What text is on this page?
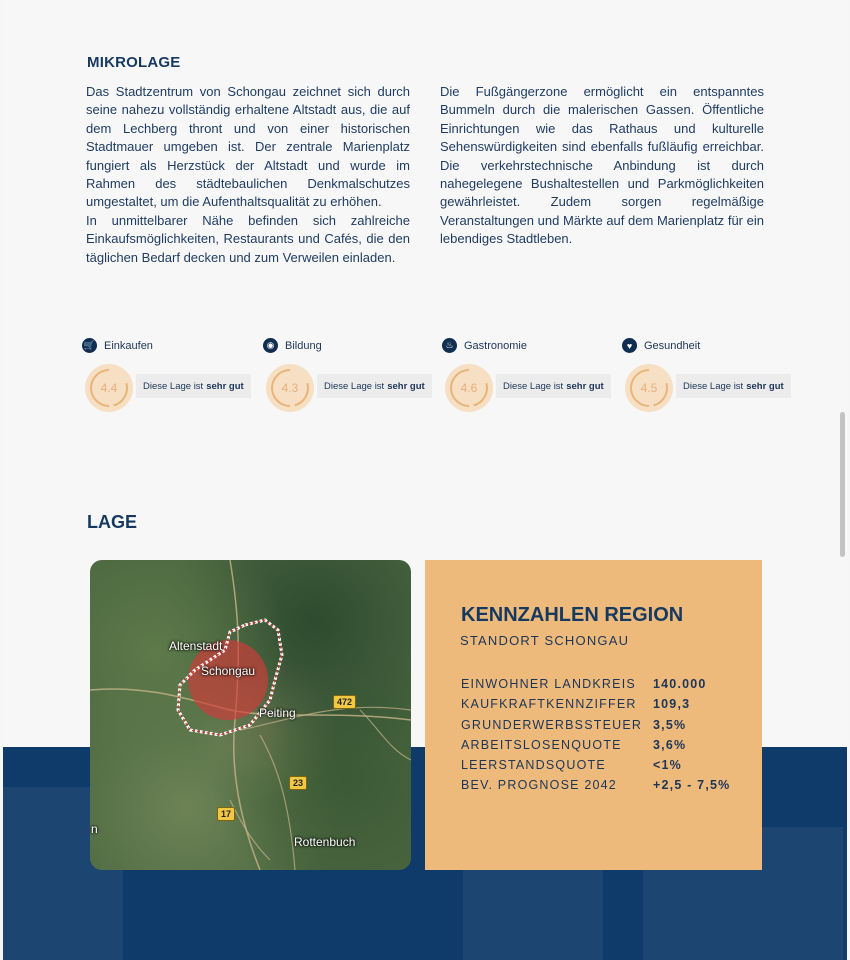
MIKROLAGE

Das Stadtzentrum von Schongau zeichnet sich durch seine nahezu vollständig erhaltene Altstadt aus, die auf dem Lechberg thront und von einer historischen Stadtmauer umgeben ist. Der zentrale Marienplatz fungiert als Herzstück der Altstadt und wurde im Rahmen des städtebaulichen Denkmalschutzes umgestaltet, um die Aufenthaltsqualität zu erhöhen.

In unmittelbarer Nähe befinden sich zahlreiche Einkaufsmöglichkeiten, Restaurants und Cafés, die den täglichen Bedarf decken und zum Verweilen einladen.

Die Fußgängerzone ermöglicht ein entspanntes Bummeln durch die malerischen Gassen. Öffentliche Einrichtungen wie das Rathaus und kulturelle Sehenswürdigkeiten sind ebenfalls fußläufig erreichbar. Die verkehrstechnische Anbindung ist durch nahegelegene Bushaltestellen und Parkmöglichkeiten gewährleistet. Zudem sorgen regelmäßige Veranstaltungen und Märkte auf dem Marienplatz für ein lebendiges Stadtleben.

🛒 Einkaufen
4.4	Diese Lage ist sehr gut
◉ Bildung
4.3	Diese Lage ist sehr gut
♨ Gastronomie
4.6	Diese Lage ist sehr gut
♥	Gesundheit
4.5	Diese Lage ist sehr gut
LAGE
Altenstadt
Schongau
Peiting
Rottenbuch
n
472
23
17
KENNZAHLEN REGION
STANDORT SCHONGAU
EINWOHNER LANDKREIS	140.000
KAUFKRAFTKENNZIFFER	109,3
GRUNDERWERBSSTEUER 3,5%
ARBEITSLOSENQUOTE	3,6%
LEERSTANDSQUOTE	<1%
BEV. PROGNOSE 2042	+2,5 - 7,5%
